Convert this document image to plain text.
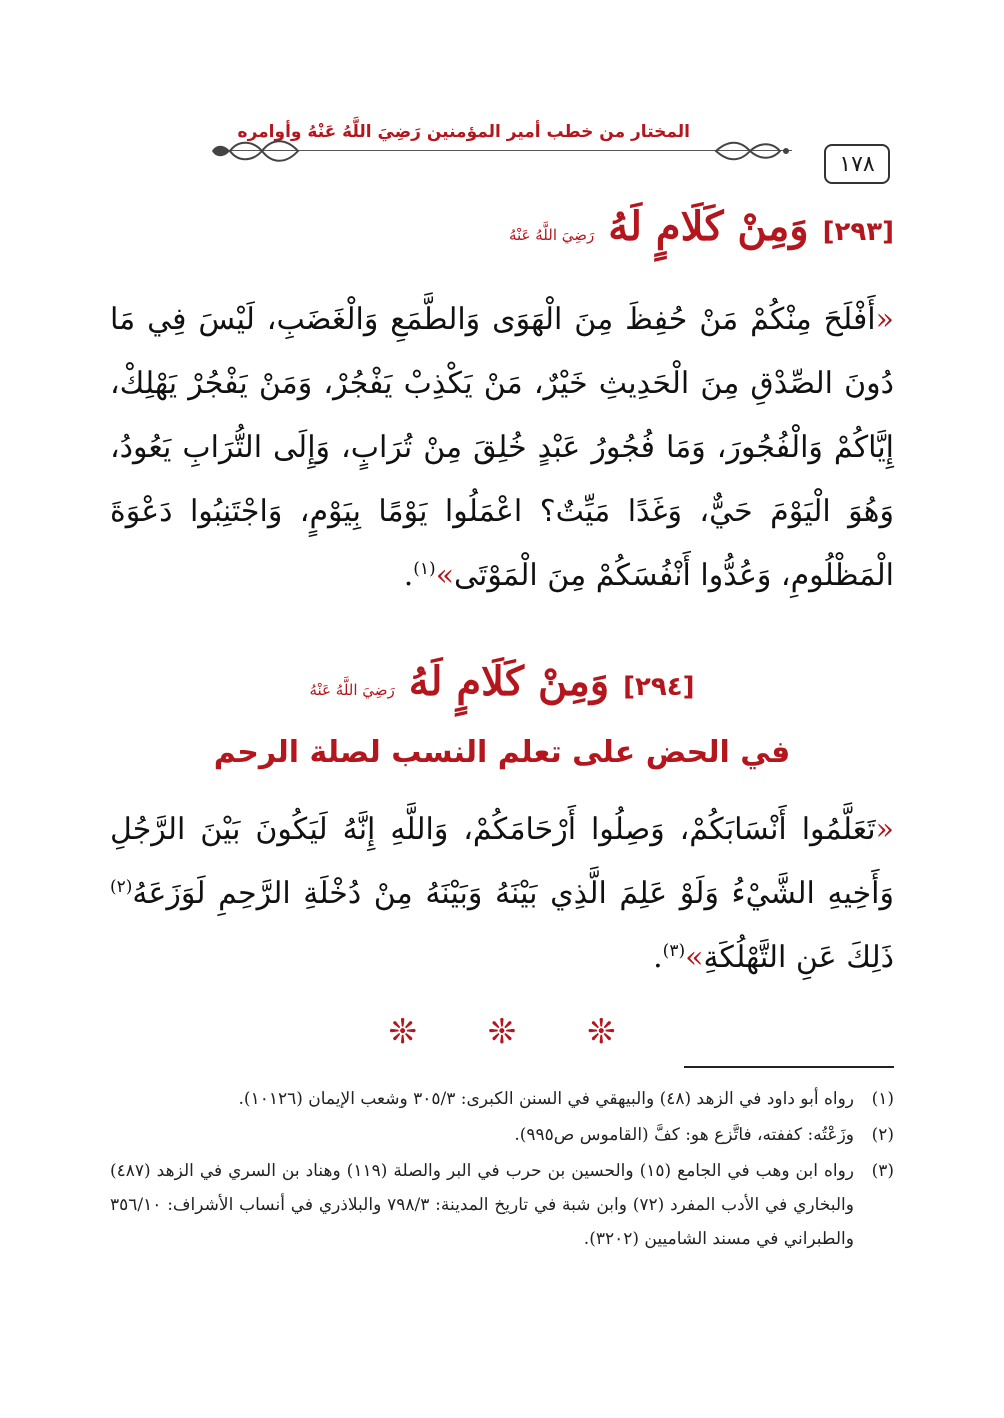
١٧٨
المختار من خطب أمير المؤمنين رَضِيَ اللَّهُ عَنْهُ وأوامره
[٢٩٣]
وَمِنْ كَلَامٍ لَهُ
رَضِيَ اللَّهُ عَنْهُ
«أَفْلَحَ مِنْكُمْ مَنْ حُفِظَ مِنَ الْهَوَى وَالطَّمَعِ وَالْغَضَبِ، لَيْسَ فِي مَا دُونَ الصِّدْقِ مِنَ الْحَدِيثِ خَيْرٌ، مَنْ يَكْذِبْ يَفْجُرْ، وَمَنْ يَفْجُرْ يَهْلِكْ، إِيَّاكُمْ وَالْفُجُورَ، وَمَا فُجُورُ عَبْدٍ خُلِقَ مِنْ تُرَابٍ، وَإِلَى التُّرَابِ يَعُودُ، وَهُوَ الْيَوْمَ حَيٌّ، وَغَدًا مَيِّتٌ؟ اعْمَلُوا يَوْمًا بِيَوْمٍ، وَاجْتَنِبُوا دَعْوَةَ الْمَظْلُومِ، وَعُدُّوا أَنْفُسَكُمْ مِنَ الْمَوْتَى»$^{(١)}$.
[٢٩٤]
وَمِنْ كَلَامٍ لَهُ
رَضِيَ اللَّهُ عَنْهُ
في الحض على تعلم النسب لصلة الرحم
«تَعَلَّمُوا أَنْسَابَكُمْ، وَصِلُوا أَرْحَامَكُمْ، وَاللَّهِ إِنَّهُ لَيَكُونَ بَيْنَ الرَّجُلِ وَأَخِيهِ الشَّيْءُ وَلَوْ عَلِمَ الَّذِي بَيْنَهُ وَبَيْنَهُ مِنْ دُخْلَةِ الرَّحِمِ لَوَزَعَهُ$^{(٢)}$ ذَلِكَ عَنِ التَّهْلُكَةِ»$^{(٣)}$.
❊ ❊ ❊
(١)
رواه أبو داود في الزهد (٤٨) والبيهقي في السنن الكبرى: ٣٠٥/٣ وشعب الإيمان (١٠١٢٦).
(٢)
وزَعْتُه: كففته، فاتَّزع هو: كفَّ (القاموس ص٩٩٥).
(٣)
رواه ابن وهب في الجامع (١٥) والحسين بن حرب في البر والصلة (١١٩) وهناد بن السري في الزهد (٤٨٧) والبخاري في الأدب المفرد (٧٢) وابن شبة في تاريخ المدينة: ٧٩٨/٣ والبلاذري في أنساب الأشراف: ٣٥٦/١٠ والطبراني في مسند الشاميين (٣٢٠٢).
